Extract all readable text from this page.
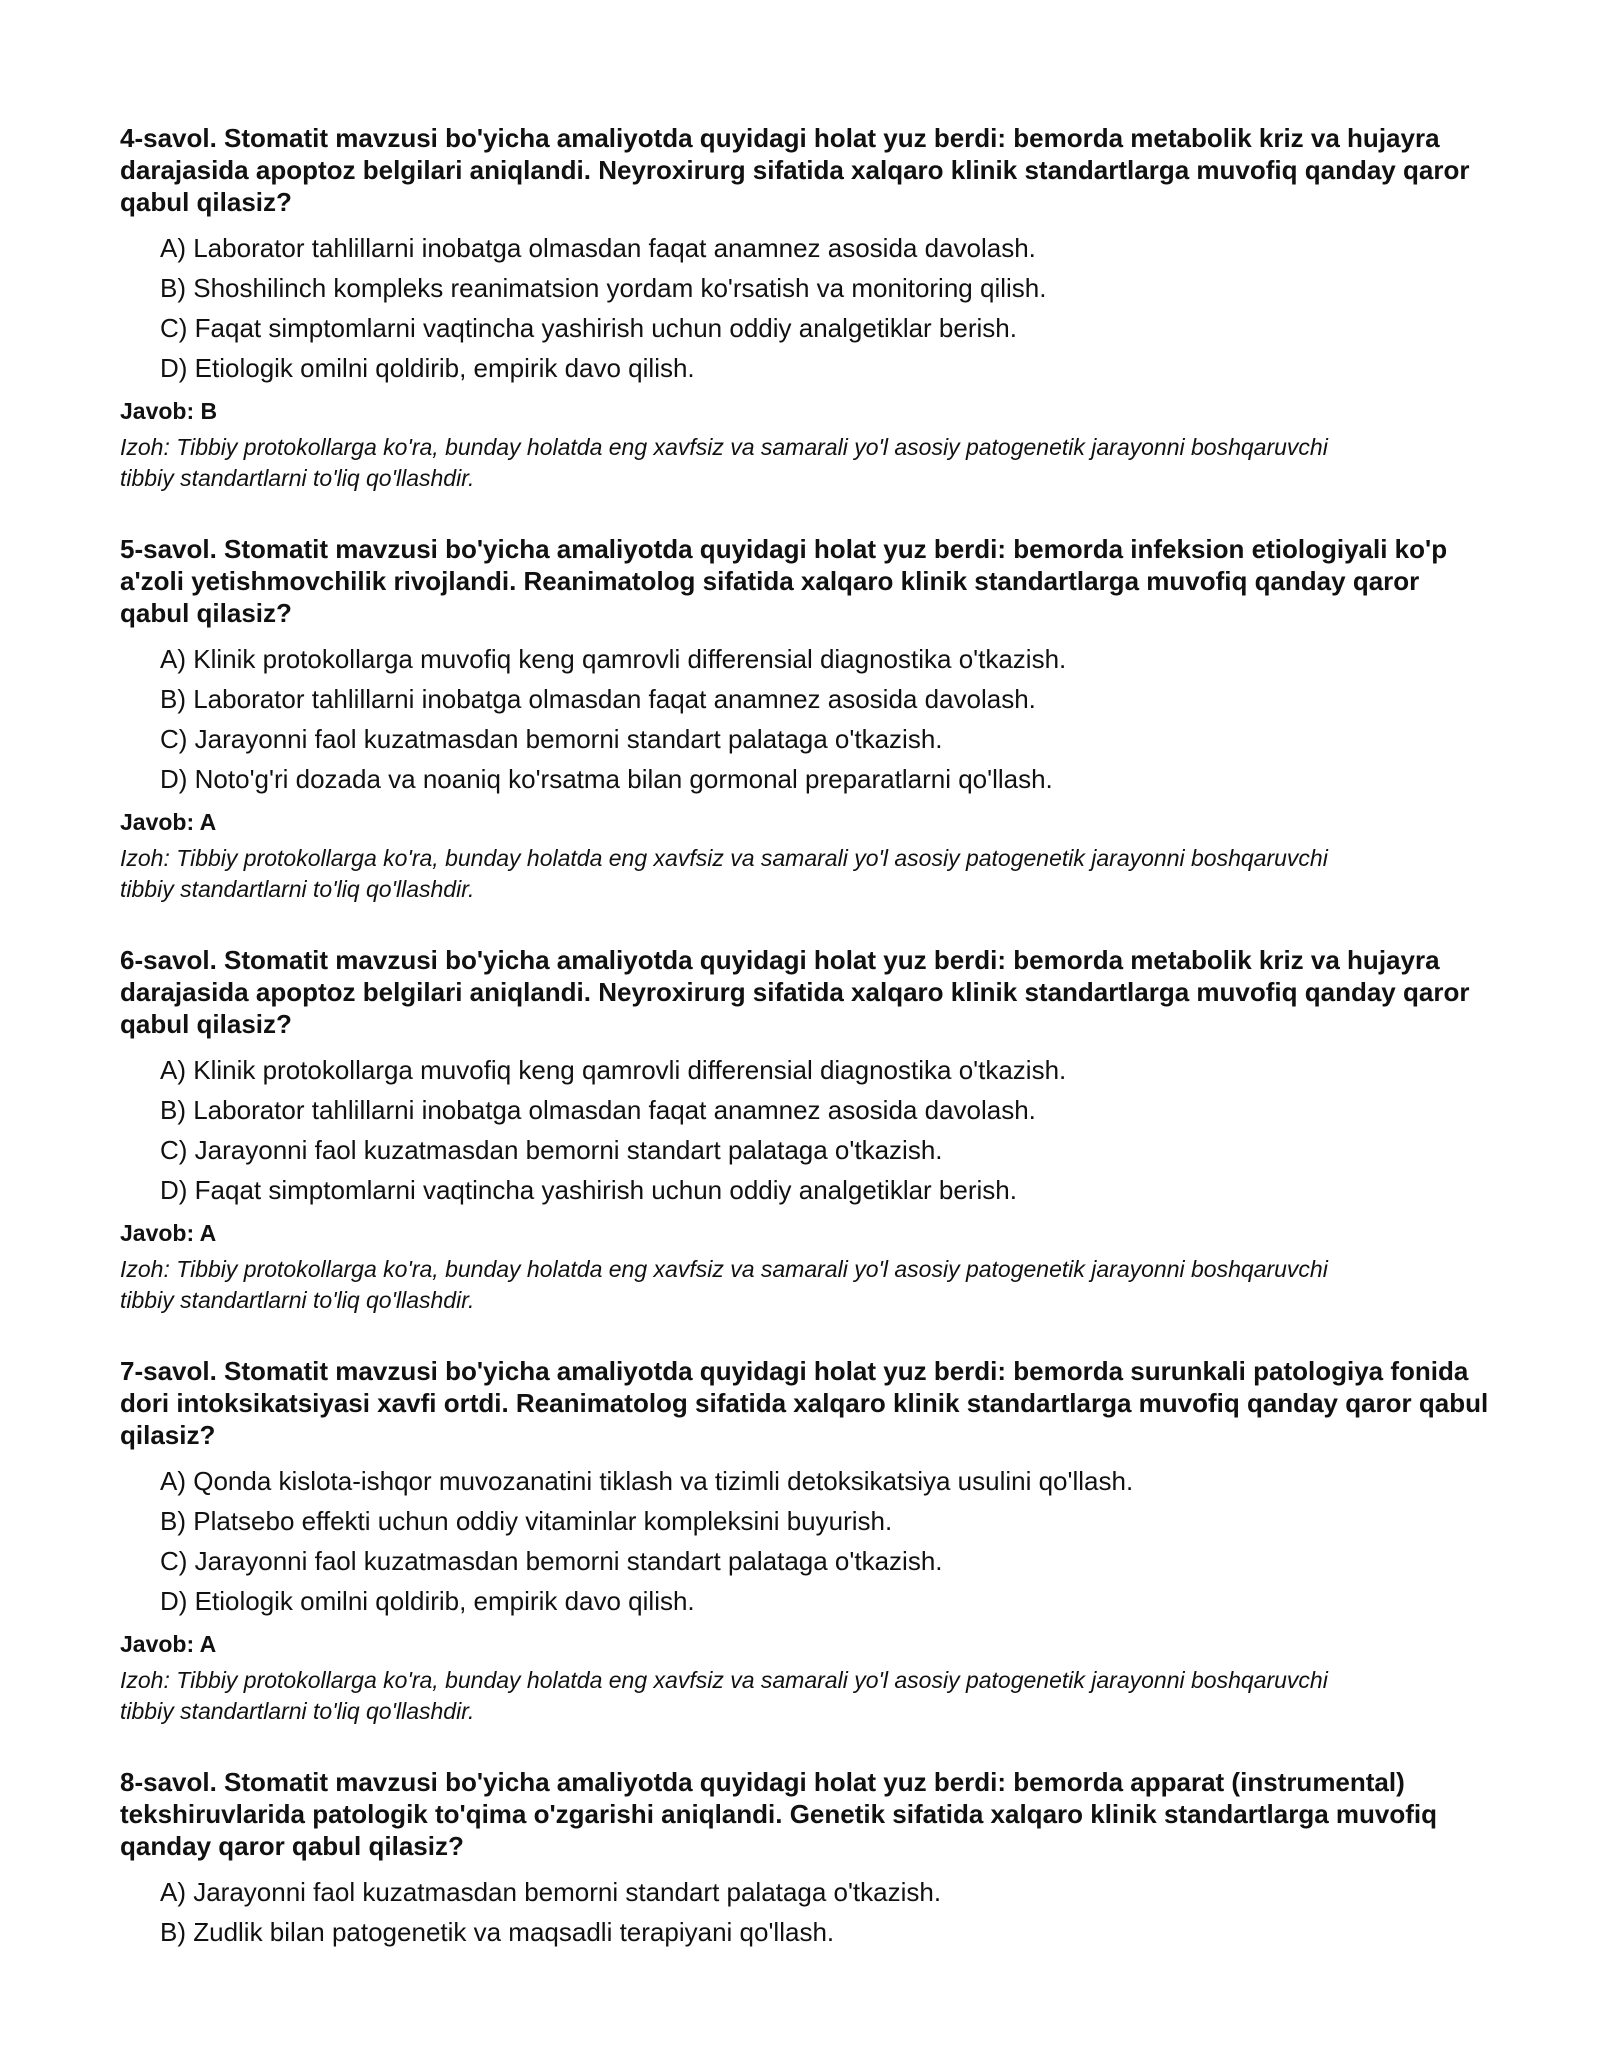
4-savol. Stomatit mavzusi bo'yicha amaliyotda quyidagi holat yuz berdi: bemorda metabolik kriz va hujayra darajasida apoptoz belgilari aniqlandi. Neyroxirurg sifatida xalqaro klinik standartlarga muvofiq qanday qaror qabul qilasiz?

A) Laborator tahlillarni inobatga olmasdan faqat anamnez asosida davolash.
B) Shoshilinch kompleks reanimatsion yordam ko'rsatish va monitoring qilish.
C) Faqat simptomlarni vaqtincha yashirish uchun oddiy analgetiklar berish.
D) Etiologik omilni qoldirib, empirik davo qilish.

Javob: B

Izoh: Tibbiy protokollarga ko'ra, bunday holatda eng xavfsiz va samarali yo'l asosiy patogenetik jarayonni boshqaruvchi tibbiy standartlarni to'liq qo'llashdir.

5-savol. Stomatit mavzusi bo'yicha amaliyotda quyidagi holat yuz berdi: bemorda infeksion etiologiyali ko'p a'zoli yetishmovchilik rivojlandi. Reanimatolog sifatida xalqaro klinik standartlarga muvofiq qanday qaror qabul qilasiz?

A) Klinik protokollarga muvofiq keng qamrovli differensial diagnostika o'tkazish.
B) Laborator tahlillarni inobatga olmasdan faqat anamnez asosida davolash.
C) Jarayonni faol kuzatmasdan bemorni standart palataga o'tkazish.
D) Noto'g'ri dozada va noaniq ko'rsatma bilan gormonal preparatlarni qo'llash.

Javob: A

Izoh: Tibbiy protokollarga ko'ra, bunday holatda eng xavfsiz va samarali yo'l asosiy patogenetik jarayonni boshqaruvchi tibbiy standartlarni to'liq qo'llashdir.

6-savol. Stomatit mavzusi bo'yicha amaliyotda quyidagi holat yuz berdi: bemorda metabolik kriz va hujayra darajasida apoptoz belgilari aniqlandi. Neyroxirurg sifatida xalqaro klinik standartlarga muvofiq qanday qaror qabul qilasiz?

A) Klinik protokollarga muvofiq keng qamrovli differensial diagnostika o'tkazish.
B) Laborator tahlillarni inobatga olmasdan faqat anamnez asosida davolash.
C) Jarayonni faol kuzatmasdan bemorni standart palataga o'tkazish.
D) Faqat simptomlarni vaqtincha yashirish uchun oddiy analgetiklar berish.

Javob: A

Izoh: Tibbiy protokollarga ko'ra, bunday holatda eng xavfsiz va samarali yo'l asosiy patogenetik jarayonni boshqaruvchi tibbiy standartlarni to'liq qo'llashdir.

7-savol. Stomatit mavzusi bo'yicha amaliyotda quyidagi holat yuz berdi: bemorda surunkali patologiya fonida dori intoksikatsiyasi xavfi ortdi. Reanimatolog sifatida xalqaro klinik standartlarga muvofiq qanday qaror qabul qilasiz?

A) Qonda kislota-ishqor muvozanatini tiklash va tizimli detoksikatsiya usulini qo'llash.
B) Platsebo effekti uchun oddiy vitaminlar kompleksini buyurish.
C) Jarayonni faol kuzatmasdan bemorni standart palataga o'tkazish.
D) Etiologik omilni qoldirib, empirik davo qilish.

Javob: A

Izoh: Tibbiy protokollarga ko'ra, bunday holatda eng xavfsiz va samarali yo'l asosiy patogenetik jarayonni boshqaruvchi tibbiy standartlarni to'liq qo'llashdir.

8-savol. Stomatit mavzusi bo'yicha amaliyotda quyidagi holat yuz berdi: bemorda apparat (instrumental) tekshiruvlarida patologik to'qima o'zgarishi aniqlandi. Genetik sifatida xalqaro klinik standartlarga muvofiq qanday qaror qabul qilasiz?

A) Jarayonni faol kuzatmasdan bemorni standart palataga o'tkazish.
B) Zudlik bilan patogenetik va maqsadli terapiyani qo'llash.
